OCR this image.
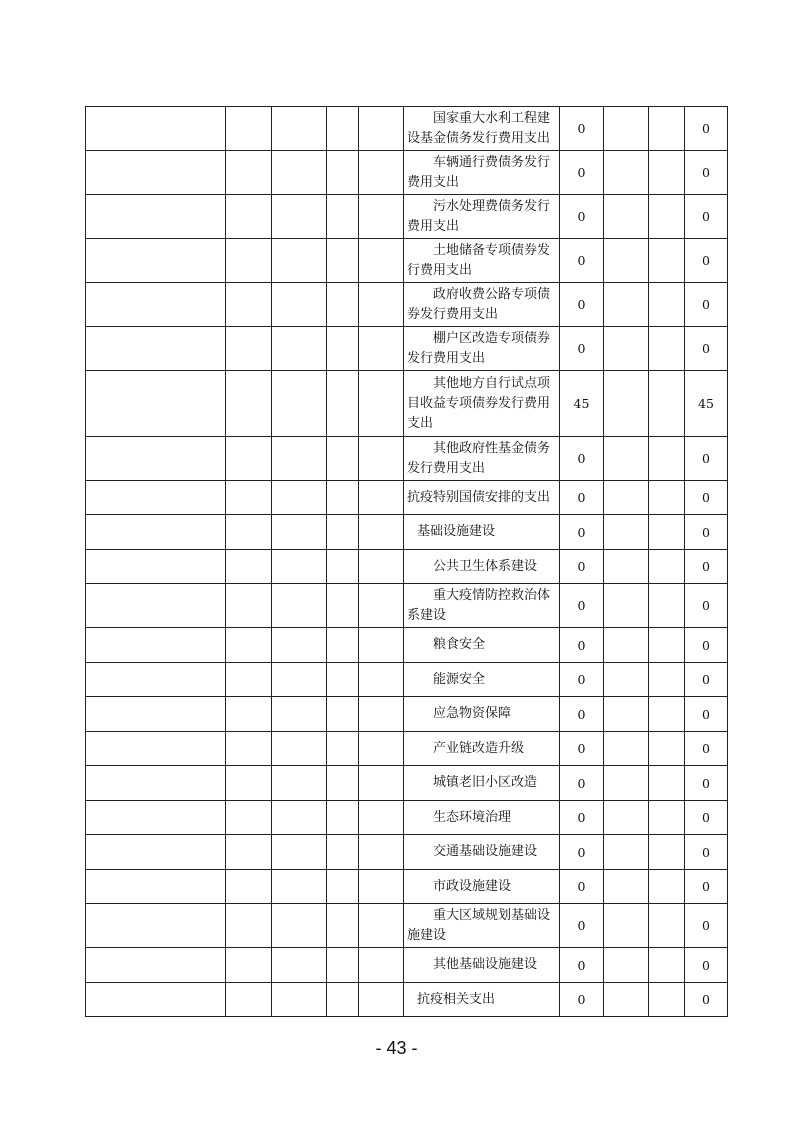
					国家重大水利工程建设基金债务发行费用支出	0			0
					车辆通行费债务发行费用支出	0			0
					污水处理费债务发行费用支出	0			0
					土地储备专项债券发行费用支出	0			0
					政府收费公路专项债券发行费用支出	0			0
					棚户区改造专项债券发行费用支出	0			0
					其他地方自行试点项目收益专项债券发行费用支出	45			45
					其他政府性基金债务发行费用支出	0			0
					抗疫特别国债安排的支出	0			0
					基础设施建设	0			0
					公共卫生体系建设	0			0
					重大疫情防控救治体系建设	0			0
					粮食安全	0			0
					能源安全	0			0
					应急物资保障	0			0
					产业链改造升级	0			0
					城镇老旧小区改造	0			0
					生态环境治理	0			0
					交通基础设施建设	0			0
					市政设施建设	0			0
					重大区域规划基础设施建设	0			0
					其他基础设施建设	0			0
					抗疫相关支出	0			0
- 43 -
